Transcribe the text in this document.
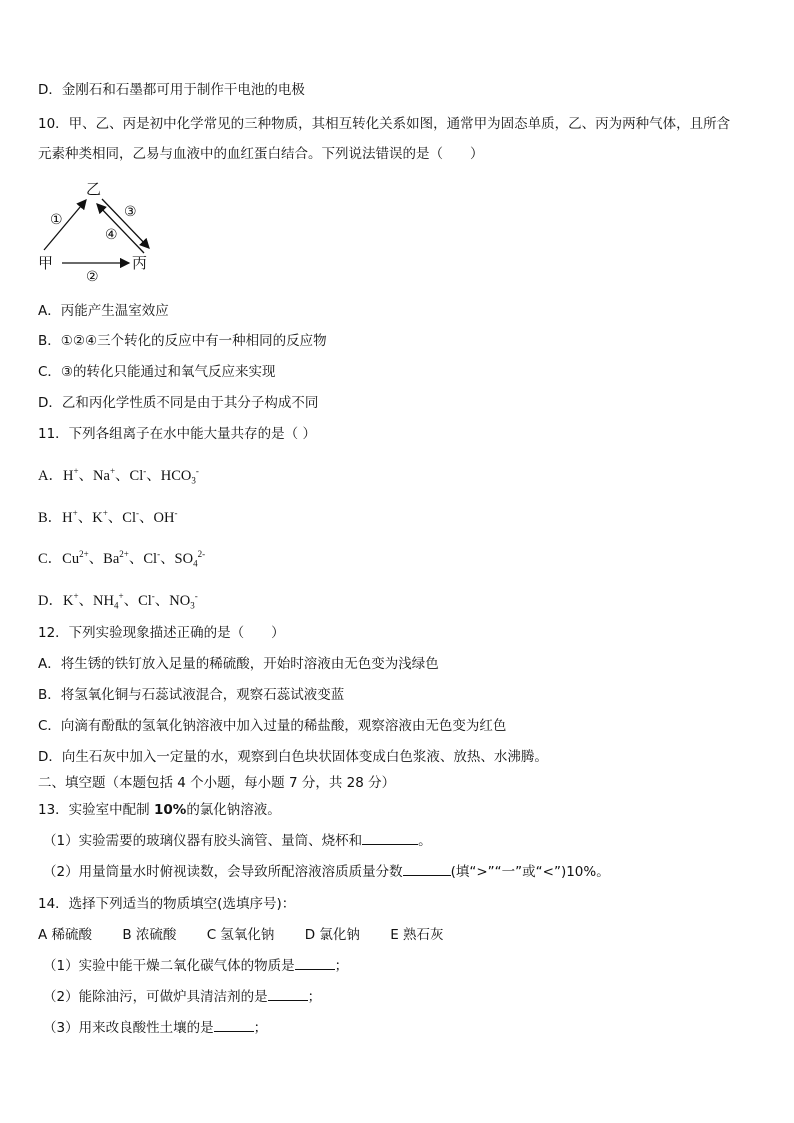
D．金刚石和石墨都可用于制作干电池的电极
10．甲、乙、丙是初中化学常见的三种物质，其相互转化关系如图，通常甲为固态单质，乙、丙为两种气体，且所含
元素种类相同，乙易与血液中的血红蛋白结合。下列说法错误的是（　　）
乙
甲	丙
①
②
③
④
A．丙能产生温室效应
B．①②④三个转化的反应中有一种相同的反应物
C．③的转化只能通过和氧气反应来实现
D．乙和丙化学性质不同是由于其分子构成不同
11．下列各组离子在水中能大量共存的是（ ）
A．H+、Na+、Cl-、$HCO_3^-$
B．H+、K+、Cl-、OH-
C．$Cu^{2+}$、$Ba^{2+}$、Cl-、$SO_4^{2-}$
D．K+、$NH_4^+$、Cl-、$NO_3^-$
12．下列实验现象描述正确的是（　　）
A．将生锈的铁钉放入足量的稀硫酸，开始时溶液由无色变为浅绿色
B．将氢氧化铜与石蕊试液混合，观察石蕊试液变蓝
C．向滴有酚酞的氢氧化钠溶液中加入过量的稀盐酸，观察溶液由无色变为红色
D．向生石灰中加入一定量的水，观察到白色块状固体变成白色浆液、放热、水沸腾。
二、填空题（本题包括 4 个小题，每小题 7 分，共 28 分）
13．实验室中配制 10%的氯化钠溶液。
（1）实验需要的玻璃仪器有胶头滴管、量筒、烧杯和	。
（2）用量筒量水时俯视读数，会导致所配溶液溶质质量分数	(填“>”“一”或“<”)10%。
14．选择下列适当的物质填空(选填序号)：
A 稀硫酸 B 浓硫酸 C 氢氧化钠 D 氯化钠 E 熟石灰
（1）实验中能干燥二氧化碳气体的物质是	；
（2）能除油污，可做炉具清洁剂的是	；
（3）用来改良酸性土壤的是	；
